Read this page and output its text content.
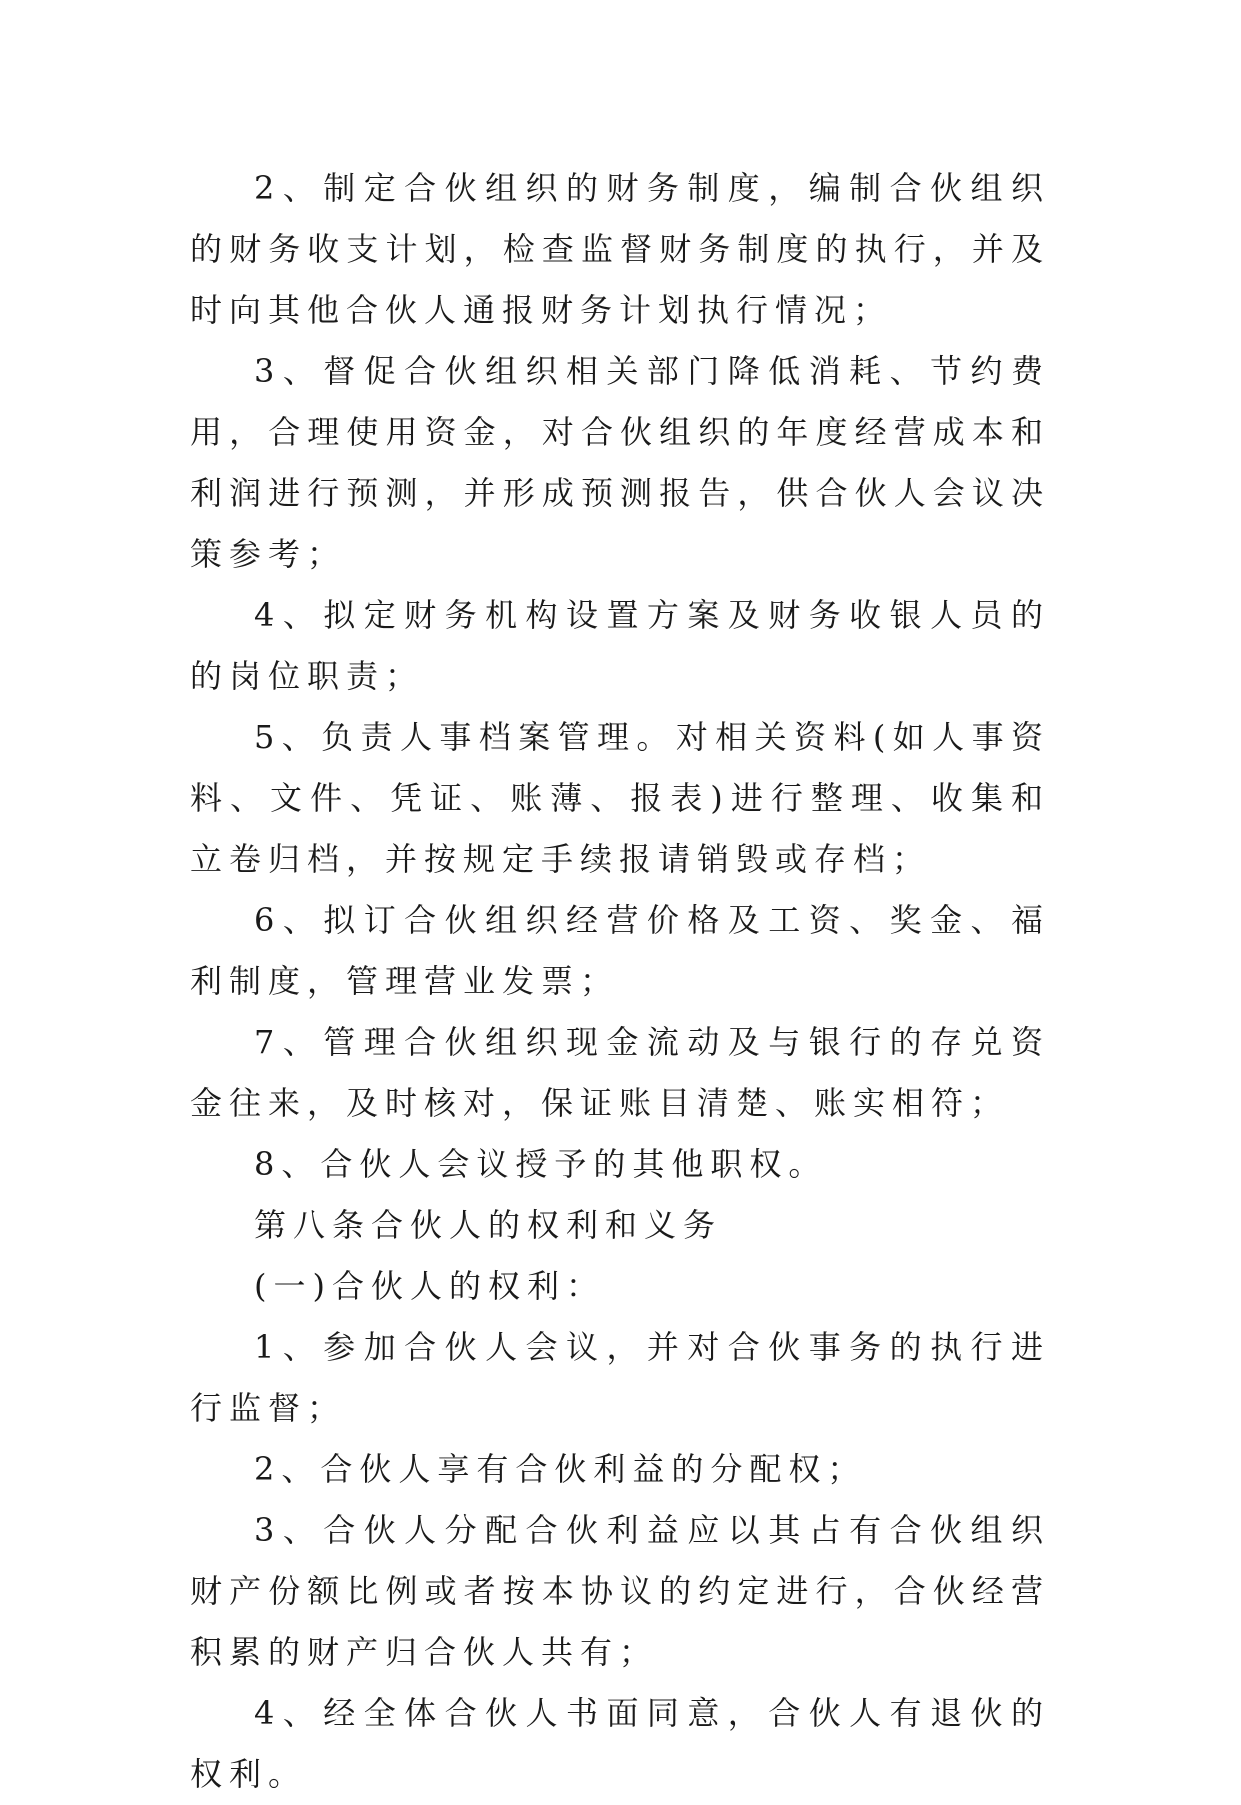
2、制定合伙组织的财务制度，编制合伙组织的财务收支计划，检查监督财务制度的执行，并及时向其他合伙人通报财务计划执行情况；

3、督促合伙组织相关部门降低消耗、节约费用，合理使用资金，对合伙组织的年度经营成本和利润进行预测，并形成预测报告，供合伙人会议决策参考；

4、拟定财务机构设置方案及财务收银人员的的岗位职责；

5、负责人事档案管理。对相关资料(如人事资料、文件、凭证、账薄、报表)进行整理、收集和立卷归档，并按规定手续报请销毁或存档；

6、拟订合伙组织经营价格及工资、奖金、福利制度，管理营业发票；

7、管理合伙组织现金流动及与银行的存兑资金往来，及时核对，保证账目清楚、账实相符；

8、合伙人会议授予的其他职权。

第八条合伙人的权利和义务

(一)合伙人的权利：

1、参加合伙人会议，并对合伙事务的执行进行监督；

2、合伙人享有合伙利益的分配权；

3、合伙人分配合伙利益应以其占有合伙组织财产份额比例或者按本协议的约定进行，合伙经营积累的财产归合伙人共有；

4、经全体合伙人书面同意，合伙人有退伙的权利。
